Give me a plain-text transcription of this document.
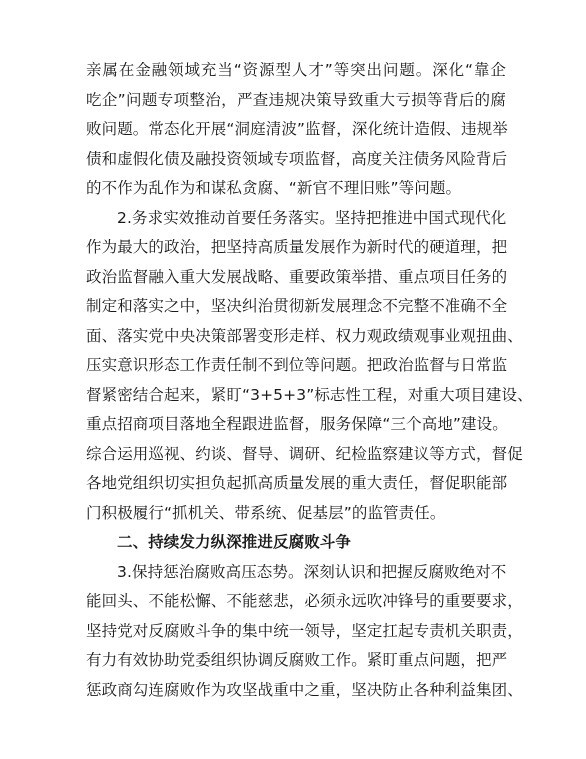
亲属在金融领域充当“资源型人才”等突出问题。深化“靠企
吃企”问题专项整治，严查违规决策导致重大亏损等背后的腐
败问题。常态化开展“洞庭清波”监督，深化统计造假、违规举
债和虚假化债及融投资领域专项监督，高度关注债务风险背后
的不作为乱作为和谋私贪腐、“新官不理旧账”等问题。
2.务求实效推动首要任务落实。坚持把推进中国式现代化
作为最大的政治，把坚持高质量发展作为新时代的硬道理，把
政治监督融入重大发展战略、重要政策举措、重点项目任务的
制定和落实之中，坚决纠治贯彻新发展理念不完整不准确不全
面、落实党中央决策部署变形走样、权力观政绩观事业观扭曲、
压实意识形态工作责任制不到位等问题。把政治监督与日常监
督紧密结合起来，紧盯“3+5+3”标志性工程，对重大项目建设、
重点招商项目落地全程跟进监督，服务保障“三个高地”建设。
综合运用巡视、约谈、督导、调研、纪检监察建议等方式，督促
各地党组织切实担负起抓高质量发展的重大责任，督促职能部
门积极履行“抓机关、带系统、促基层”的监管责任。
二、持续发力纵深推进反腐败斗争
3.保持惩治腐败高压态势。深刻认识和把握反腐败绝对不
能回头、不能松懈、不能慈悲，必须永远吹冲锋号的重要要求，
坚持党对反腐败斗争的集中统一领导，坚定扛起专责机关职责，
有力有效协助党委组织协调反腐败工作。紧盯重点问题，把严
惩政商勾连腐败作为攻坚战重中之重，坚决防止各种利益集团、
